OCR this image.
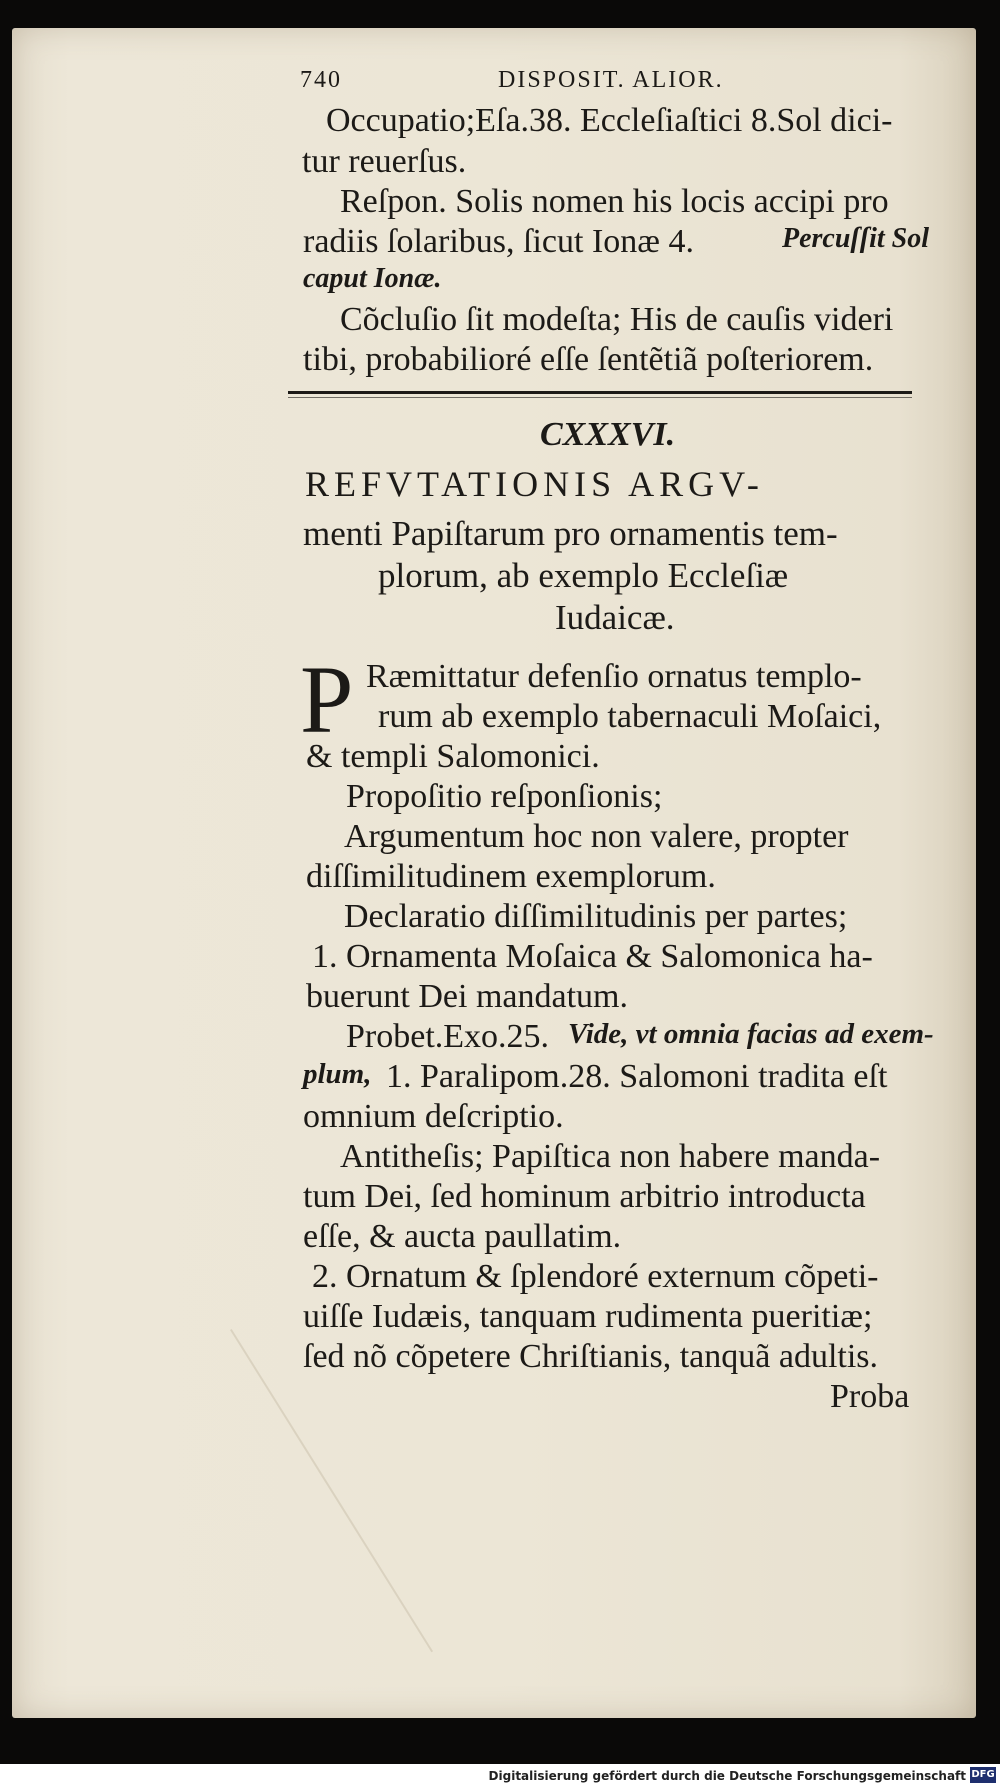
740	DISPOSIT. ALIOR.
Occupatio;Eſa.38. Eccleſiaſtici 8.Sol dici-
tur reuerſus.
Reſpon. Solis nomen his locis accipi pro
radiis ſolaribus, ſicut Ionæ 4.	Percuſſit Sol
caput Ionæ.
Cõcluſio ſit modeſta; His de cauſis videri
tibi, probabilioré eſſe ſentẽtiã poſteriorem.
CXXXVI.
REFVTATIONIS ARGV-
menti Papiſtarum pro ornamentis tem-
plorum, ab exemplo Eccleſiæ
Iudaicæ.
P Ræmittatur defenſio ornatus templo-
rum ab exemplo tabernaculi Moſaici,
& templi Salomonici.
Propoſitio reſponſionis;
Argumentum hoc non valere, propter
diſſimilitudinem exemplorum.
Declaratio diſſimilitudinis per partes;
1. Ornamenta Moſaica & Salomonica ha-
buerunt Dei mandatum.
Probet.Exo.25. Vide, vt omnia facias ad exem-
plum, 1. Paralipom.28. Salomoni tradita eſt
omnium deſcriptio.
Antitheſis; Papiſtica non habere manda-
tum Dei, ſed hominum arbitrio introducta
eſſe, & aucta paullatim.
2. Ornatum & ſplendoré externum cõpeti-
uiſſe Iudæis, tanquam rudimenta pueritiæ;
ſed nõ cõpetere Chriſtianis, tanquã adultis.
Proba
Digitalisierung gefördert durch die Deutsche Forschungsgemeinschaft DFG
